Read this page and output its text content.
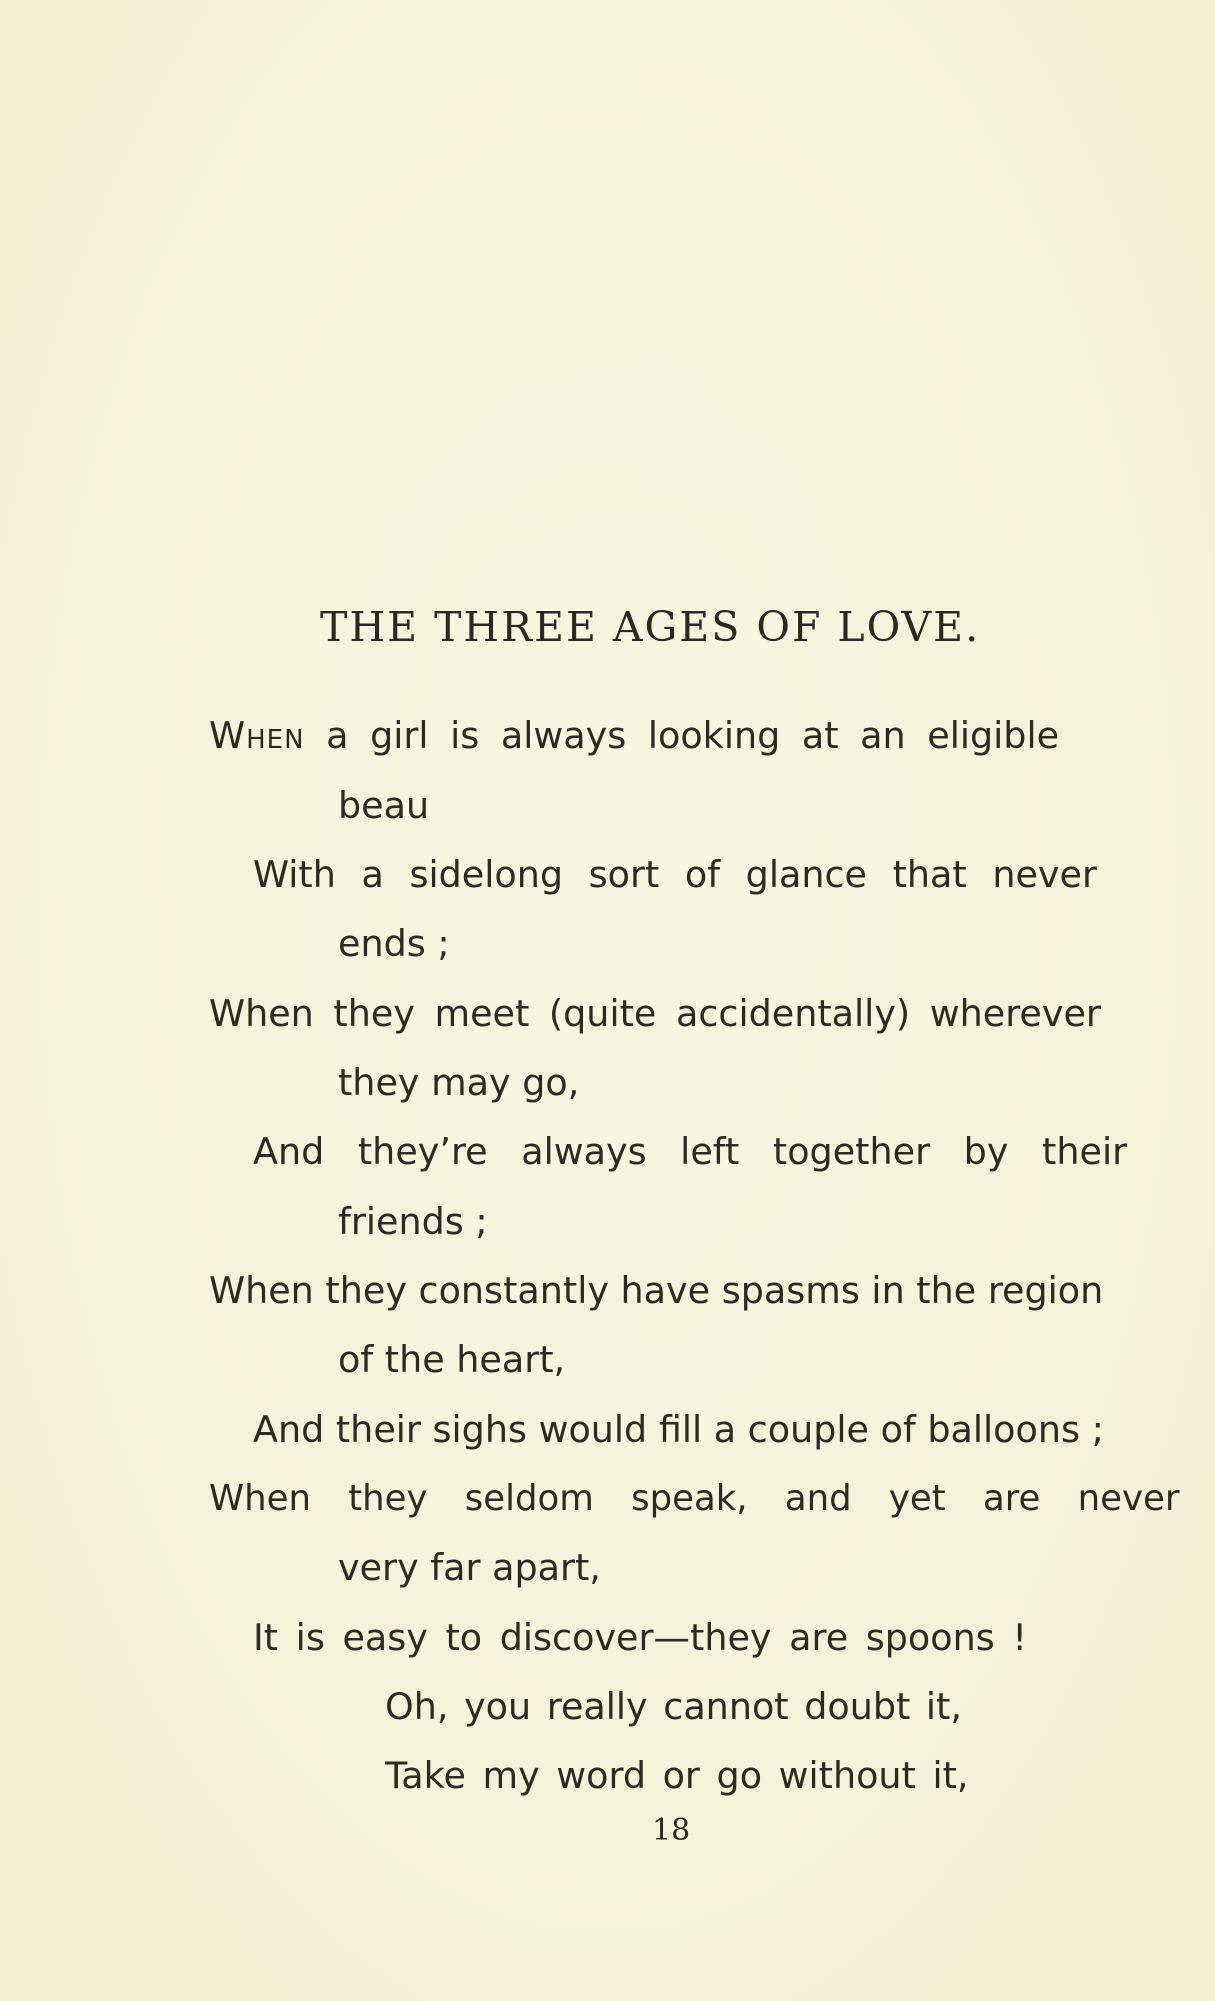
THE THREE AGES OF LOVE.
When a girl is always looking at an eligible
beau
With a sidelong sort of glance that never
ends ;
When they meet (quite accidentally) wherever
they may go,
And they’re always left together by their
friends ;
When they constantly have spasms in the region
of the heart,
And their sighs would fill a couple of balloons ;
When they seldom speak, and yet are never
very far apart,
It is easy to discover—they are spoons !
Oh, you really cannot doubt it,
Take my word or go without it,
18
